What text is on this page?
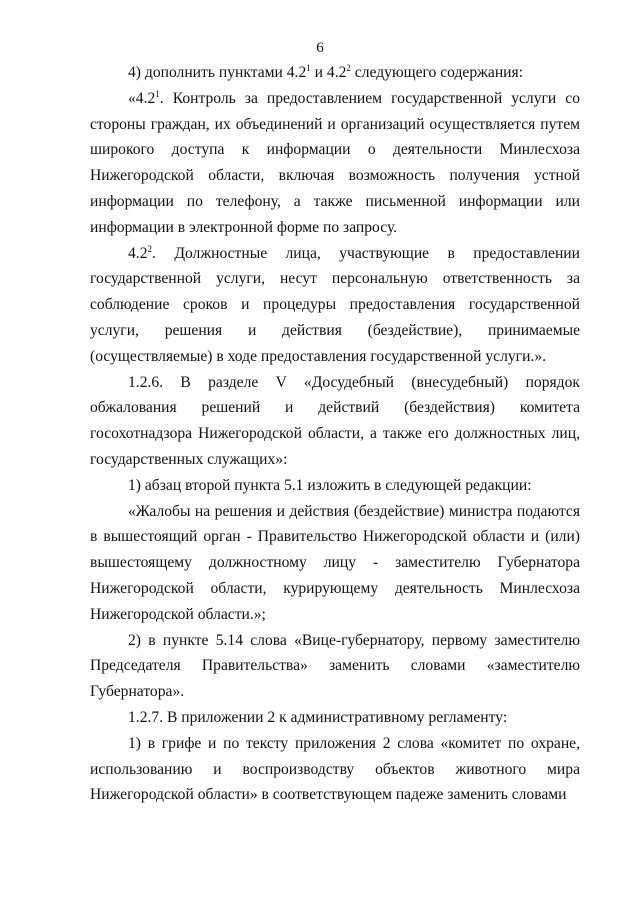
6

4) дополнить пунктами $4.2^1$ и $4.2^2$ следующего содержания:

«$4.2^1$. Контроль за предоставлением государственной услуги со стороны граждан, их объединений и организаций осуществляется путем широкого доступа к информации о деятельности Минлесхоза Нижегородской области, включая возможность получения устной информации по телефону, а также письменной информации или информации в электронной форме по запросу.

$4.2^2$. Должностные лица, участвующие в предоставлении государственной услуги, несут персональную ответственность за соблюдение сроков и процедуры предоставления государственной услуги, решения и действия (бездействие), принимаемые (осуществляемые) в ходе предоставления государственной услуги.».

1.2.6. В разделе V «Досудебный (внесудебный) порядок обжалования решений и действий (бездействия) комитета госохотнадзора Нижегородской области, а также его должностных лиц, государственных служащих»:

1) абзац второй пункта 5.1 изложить в следующей редакции:

«Жалобы на решения и действия (бездействие) министра подаются в вышестоящий орган - Правительство Нижегородской области и (или) вышестоящему должностному лицу - заместителю Губернатора Нижегородской области, курирующему деятельность Минлесхоза Нижегородской области.»;

2) в пункте 5.14 слова «Вице-губернатору, первому заместителю Председателя Правительства» заменить словами «заместителю Губернатора».

1.2.7. В приложении 2 к административному регламенту:

1) в грифе и по тексту приложения 2 слова «комитет по охране, использованию и воспроизводству объектов животного мира Нижегородской области» в соответствующем падеже заменить словами
